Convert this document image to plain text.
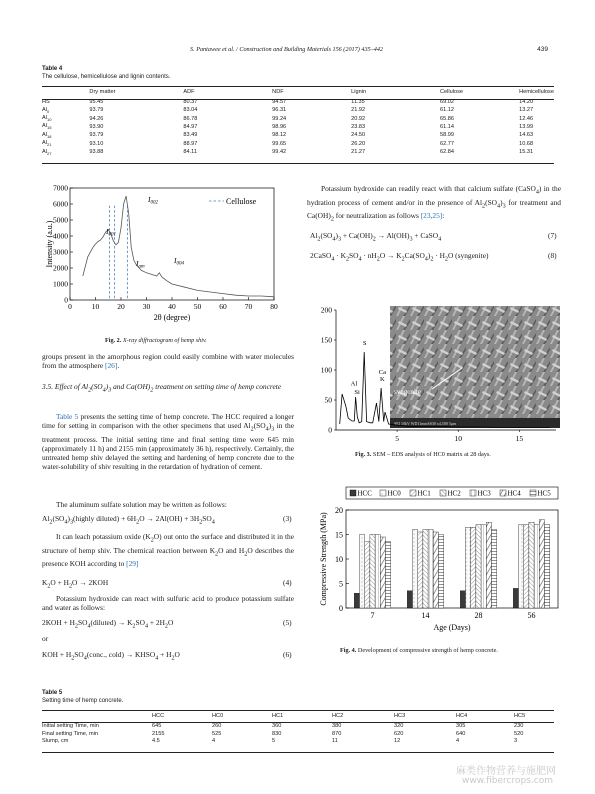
S. Pantawee et al. / Construction and Building Materials 156 (2017) 435–442	439
Table 4
The cellulose, hemicellulose and lignin contents.
	Dry matter	ADF	NDF	Lignin	Cellulose	Hemicellulose

HS	95.45	80.37	94.57	11.35	69.02	14.20
$Al_0$	93.79	83.04	96.31	21.92	61.12	13.27
$Al_{10}$	94.26	86.78	99.24	20.92	65.86	12.46
$Al_{15}$	93.90	84.97	98.96	23.83	61.14	13.99
$Al_{18}$	93.79	83.49	98.12	24.50	58.99	14.63
$Al_{21}$	93.10	88.97	99.65	26.20	62.77	10.68
$Al_{27}$	93.88	84.11	99.42	21.27	62.84	15.31
0	10 20 30 40 50 60 70 80
0
1000
2000
3000
4000
5000
6000
7000
2θ (degree)
Intensity (a.u.)
Cellulose
$I_{001}$
$I_{002}$
$I_{am}$
$I_{004}$
Fig. 2. X-ray diffractogram of hemp shiv.
groups present in the amorphous region could easily combine with water molecules from the atmosphere [26].
3.5. Effect of $Al_2(SO_4)_3$ and $Ca(OH)_2$ treatment on setting time of hemp concrete
Table 5 presents the setting time of hemp concrete. The HCC required a longer time for setting in comparison with the other specimens that used $Al_2(SO_4)_3$ in the treatment process. The initial setting time and final setting time were 645 min (approximately 11 h) and 2155 min (approximately 36 h), respectively. Certainly, the untreated hemp shiv delayed the setting and hardening of hemp concrete due to the water-solubility of shiv resulting in the retardation of hydration of cement.
The aluminum sulfate solution may be written as follows:
$Al_2(SO_4)_3(highly$ diluted) + $6H_2O \to 2Al(OH) + 3H_2SO_4$	(3)
It can leach potassium oxide $(K_2O)$ out onto the surface and distributed it in the structure of hemp shiv. The chemical reaction between $K_2O$ and $H_2O$ describes the presence KOH according to [29]
$K_2O + H_2O \to 2KOH$	(4)
Potassium hydroxide can react with sulfuric acid to produce potassium sulfate and water as follows:
$2KOH + H_2SO_4(diluted) \to K_2SO_4 + 2H_2O$	(5)
or
KOH + $H_2SO_4(conc$., cold) → $KHSO_4 + H_2O$	(6)
Potassium hydroxide can readily react with that calcium sulfate (CaSO$_4$) in the hydration process of cement and/or in the presence of $Al_2(SO_4)_3$ for treatment and $Ca(OH)_2$ for neutralization as follows [23,25]:
$Al_2(SO_4)_3 + Ca(OH)_2 \to Al(OH)_3$ + CaSO$_4$	(7)
2CaSO$_4$ · $K_2SO_4 \cdot nH_2O \to K_2Ca(SO_4)_2 \cdot H_2O$ (syngenite)	(8)
SEI 10kV WD11mmSS30 x4,500 5μm
syngenite
0
50
100
150
200
5	10	15
Al
Si
S
Ca
K
Fig. 3. SEM – EDS analysis of HC0 matrix at 28 days.
HCC HC0 HC1 HC2 HC3 HC4 HC5
0
5
10
15
20
7	14	28	56
Age (Days)
Compressive Strength (MPa)
Fig. 4. Development of compressive strength of hemp concrete.
Table 5
Setting time of hemp concrete.
	HCC	HC0	HC1	HC2	HC3	HC4	HC5

Initial setting Time, min	645	260	360	380	320	305	230
Final setting Time, min	2155	525	830	870	620	640	520
Slump, cm	4.5	4	5	11	12	4	3
麻类作物营养与施肥网
www.fibercrops.com
